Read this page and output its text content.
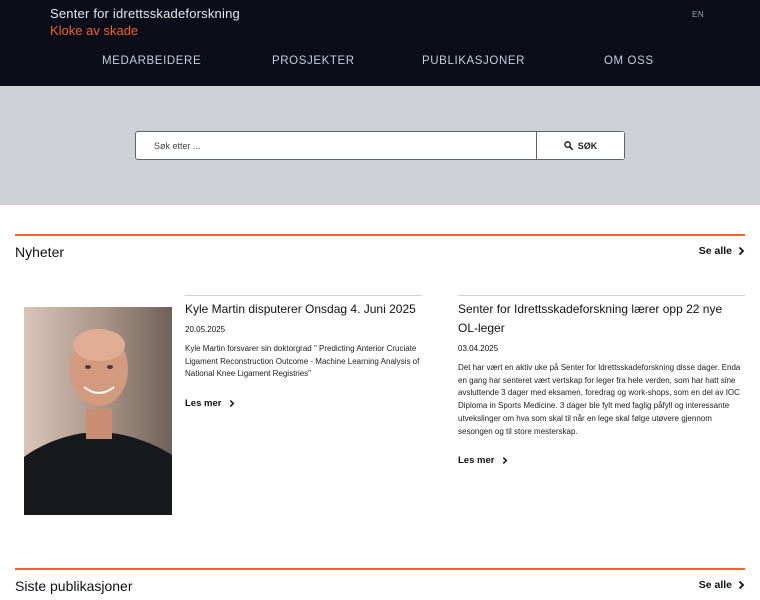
Senter for idrettsskadeforskning
Kloke av skade
EN
MEDARBEIDERE	PROSJEKTER	PUBLIKASJONER	OM OSS
Søk etter ...
SØK
Nyheter	Se alle
Kyle Martin disputerer Onsdag 4. Juni 2025
20.05.2025
Kyle Martin forsvarer sin doktorgrad " Predicting Anterior Cruciate Ligament Reconstruction Outcome - Machine Learning Analysis of National Knee Ligament Registries"
Les mer
Senter for Idrettsskadeforskning lærer opp 22 nye OL-leger
03.04.2025
Det har vært en aktiv uke på Senter for Idrettsskadeforskning disse dager. Enda en gang har senteret vært vertskap for leger fra hele verden, som har hatt sine avsluttende 3 dager med eksamen, foredrag og work-shops, som en del av IOC Diploma in Sports Medicine. 3 dager ble fylt med faglig påfyll og interessante utvekslinger om hva som skal til når en lege skal følge utøvere gjennom sesongen og til store mesterskap.
Les mer
Siste publikasjoner	Se alle
